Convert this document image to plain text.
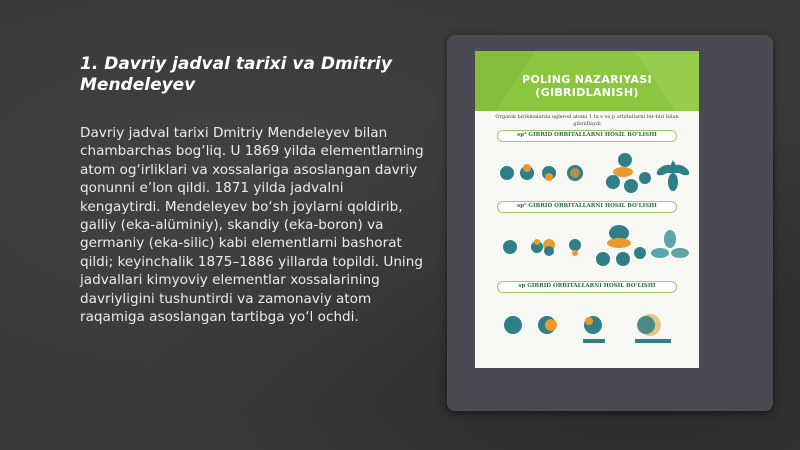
1. Davriy jadval tarixi va Dmitriy Mendeleyev

Davriy jadval tarixi Dmitriy Mendeleyev bilan chambarchas bog‘liq. U 1869 yilda elementlarning atom og‘irliklari va xossalariga asoslangan davriy qonunni e’lon qildi. 1871 yilda jadvalni kengaytirdi. Mendeleyev bo‘sh joylarni qoldirib, galliy (eka-alüminiy), skandiy (eka-boron) va germaniy (eka-silic) kabi elementlarni bashorat qildi; keyinchalik 1875–1886 yillarda topildi. Uning jadvallari kimyoviy elementlar xossalarining davriyligini tushuntirdi va zamonaviy atom raqamiga asoslangan tartibga yo‘l ochdi.

POLING NAZARIYASI (GIBRIDLANISH)
Organik birikmalarda uglerod atomi 1 ta s va p orbitallarni bir-biri bilan gibridlaydi
sp³ GIBRID ORBITALLARNI HOSIL BO‘LISHI
sp² GIBRID ORBITALLARNI HOSIL BO‘LISHI
sp GIBRID ORBITALLARNI HOSIL BO‘LISHI
